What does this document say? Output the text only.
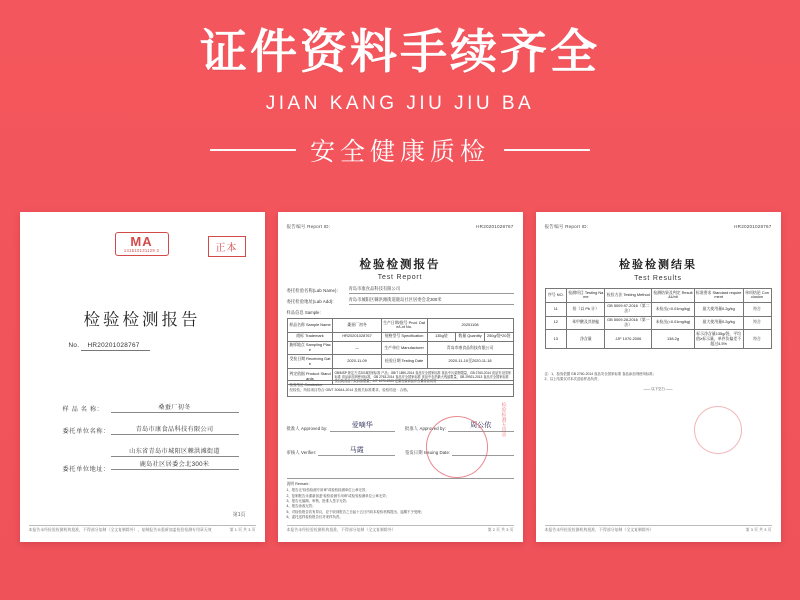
证件资料手续齐全
JIAN KANG JIU JIU BA
安全健康质检
MA
141510131129 3	正本
检验检测报告
No. HR20201028767
样 品 名 称：	桑蚕厂初冬
委托单位名称：	青岛市康食品科技有限公司
委托单位地址：
山东省青岛市城阳区棘洪滩街道
鹿岛社区居委会北300米
第1页
本报告未经检验检测机构批准，不得部分复制（全文复制除外），复制报告未重新加盖检验检测专用章无效	第 1 页 共 3 页
报告编号 Report ID:	HR20201028767
检验检测报告
Test Report
委托检验名称(Lab Name):	青岛市康食品科技有限公司
委托检验地址(Lab Add):	青岛市城阳区棘洪滩街道鹿岛社区居委会北300米
样品信息 Sample：
样品名称 Sample Name	桑蚕厂初冬	生产日期/批号 Prod. Date/Lot No.	20201108		
商标 Trademark	HR20201028767	规格型号 Specification	135g装	数量 Quantity	250g/袋*20袋
抽样地点 Sampling Place	—	生产单位 Manufacturer	青岛市康食品科技有限公司		
受检日期 Receiving Date	2020-11-09	检验日期 Testing Date	2020-11-10至2020-11-18		
判定依据 Product Standards	GB/MSP 规定方式2018国家标准 产品；GB/T 1890-2014 食品安全国家标准 食品中污染物限量，GB 2760-2014 食品安全国家标准 食品添加剂使用标准，GB 2763-2014 食品安全国家标准 食品中农药最大残留限量，GB 29921-2013 食品安全国家标准 预包装食品中致病菌限量，JJF 1070-2005 定量包装商品净含量检验规则				
检验结论 Conclusion：
经检验，所检项目符合 GB/T 30644-2014 及相关标准要求，检验结论：合格。
批准人 Approved by:	爱嘀华	批准人 Approved by:	周公依
审核人 Verifier:	马霞	签发日期 Issuing Date:
说明 Remark：
1、报告无“检验检测专用章”或检验检测单位公章无效；
2、复制报告未重新加盖“检验检测专用章”或检验检测单位公章无效；
3、报告无编制、审核、批准人签字无效；
4、报告涂改无效；
5、对检验报告若有异议，应于收到报告之日起十五日内向本检验机构提出，逾期不予受理；
6、委托送样检验报告仅对来样负责。
检验检测专用章
本报告未经检验检测机构批准，不得部分复制（全文复制除外）	第 2 页 共 3 页
报告编号 Report ID:	HR20201028767
检验检测结果
Test Results
序号 NO.	检测项目 Testing Name	检验方法 Testing Method	检测结果及判定 Result&Unit	标准要求 Standard requirement	单项结论 Conclusion
11	铅（以 Pb 计）	GB 5009.97-2016（第二法）	未检出(<0.01mg/kg)	最大使用量0.2g/kg	符合
12	苯甲酸及其钠盐	GB 5009.28-2016（第一法）	未检出(<0.01mg/kg)	最大使用量0.2g/kg	符合
13	净含量	JJF 1070-2006	138.2g	标示净含量135g/袋，平均值≥标示量，单件负偏差不超过4.5%	符合
注：1、检验依据 GB 2760-2014 食品安全国家标准 食品添加剂使用标准；
2、以上结果仅对本次送检样品负责；
—— 以下空白 ——
本报告未经检验检测机构批准，不得部分复制（全文复制除外）	第 3 页 共 3 页
